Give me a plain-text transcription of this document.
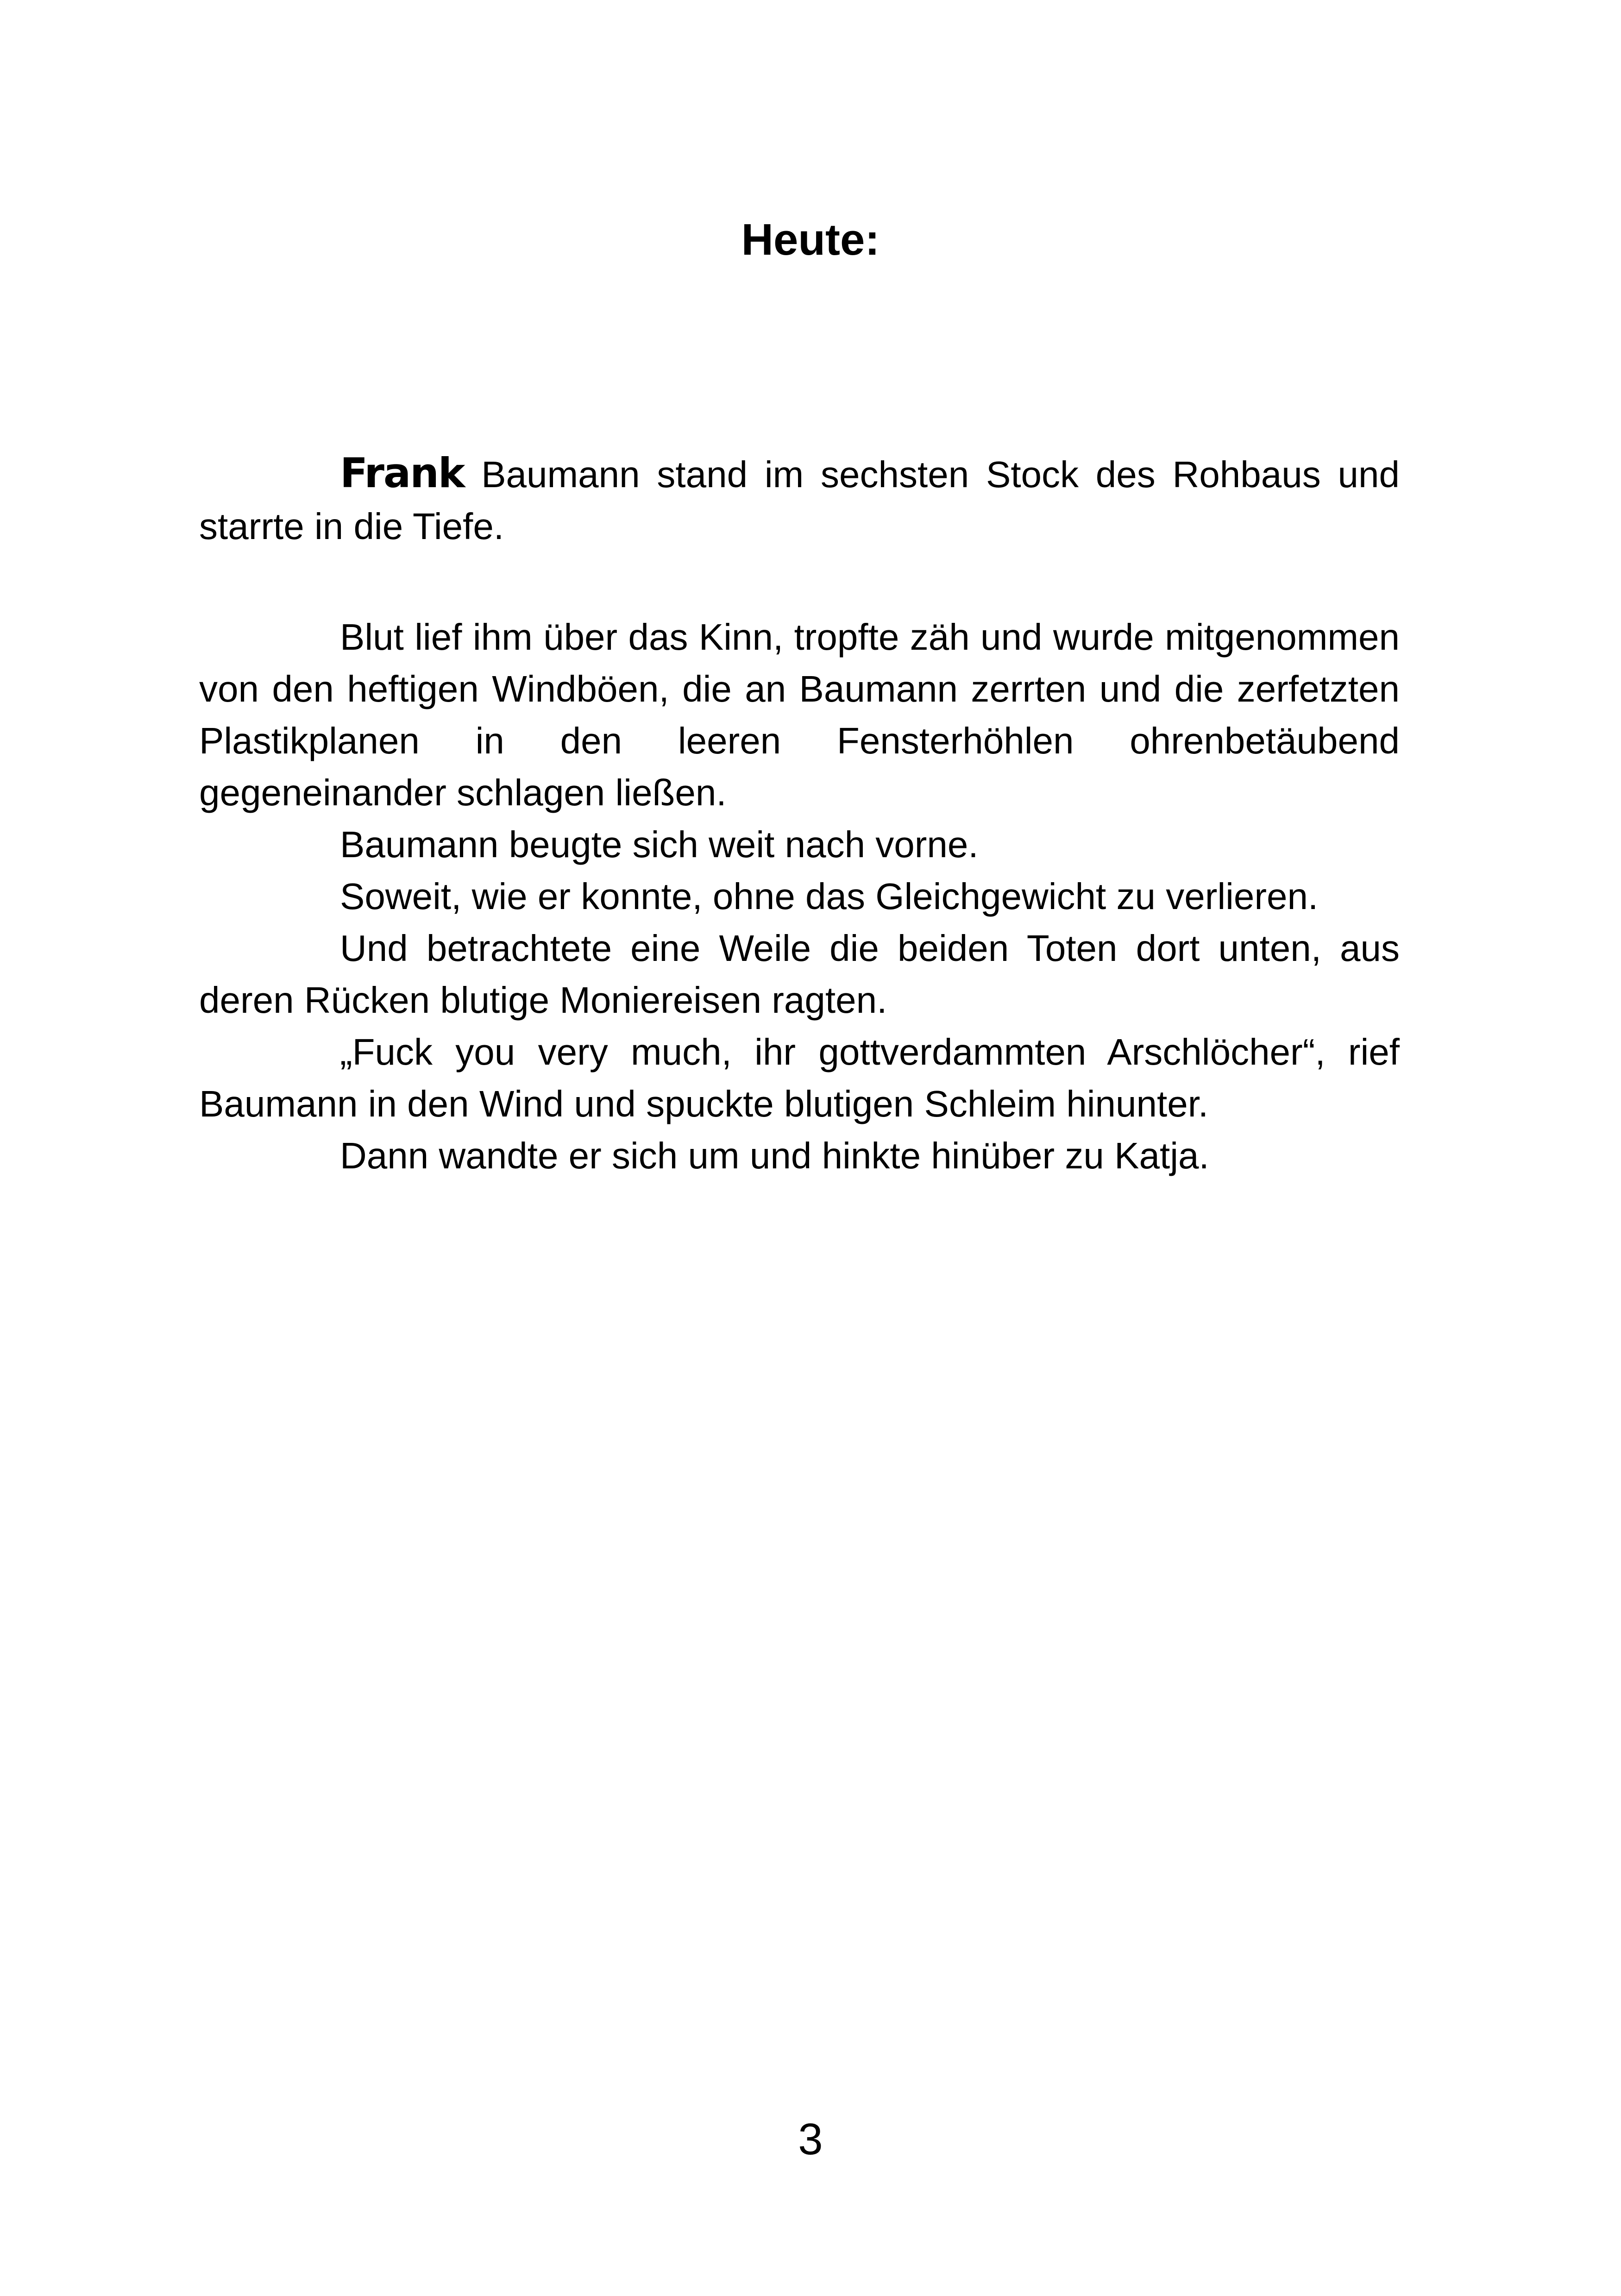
Heute:

Frank Baumann stand im sechsten Stock des Rohbaus und starrte in die Tiefe.

Blut lief ihm über das Kinn, tropfte zäh und wurde mitgenommen von den heftigen Windböen, die an Baumann zerrten und die zerfetzten Plastikplanen in den leeren Fensterhöhlen ohrenbetäubend gegeneinander schlagen ließen.

Baumann beugte sich weit nach vorne.

Soweit, wie er konnte, ohne das Gleichgewicht zu verlieren.

Und betrachtete eine Weile die beiden Toten dort unten, aus deren Rücken blutige Moniereisen ragten.

„Fuck you very much, ihr gottverdammten Arschlöcher“, rief Baumann in den Wind und spuckte blutigen Schleim hinunter.

Dann wandte er sich um und hinkte hinüber zu Katja.

3
